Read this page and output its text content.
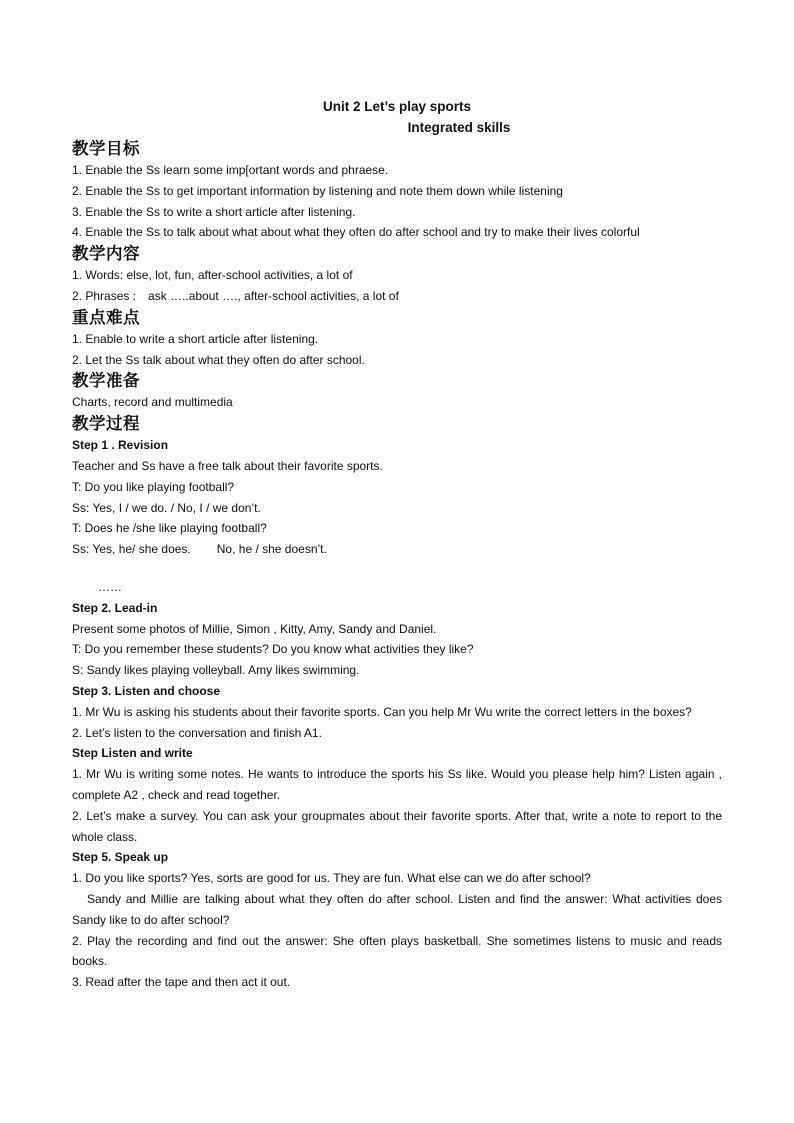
Unit 2 Let’s play sports
Integrated skills
教学目标
1. Enable the Ss learn some imp[ortant words and phraese.
2. Enable the Ss to get important information by listening and note them down while listening
3. Enable the Ss to write a short article after listening.
4. Enable the Ss to talk about what about what they often do after school and try to make their lives colorful
教学内容
1. Words: else, lot, fun, after-school activities, a lot of
2. Phrases : ask …..about …., after-school activities, a lot of
重点难点
1. Enable to write a short article after listening.
2. Let the Ss talk about what they often do after school.
教学准备
Charts, record and multimedia
教学过程
Step 1 . Revision
Teacher and Ss have a free talk about their favorite sports.
T: Do you like playing football?
Ss: Yes, I / we do. / No, I / we don’t.
T: Does he /she like playing football?
Ss: Yes, he/ she does. No, he / she doesn’t.
……
Step 2. Lead-in
Present some photos of Millie, Simon , Kitty, Amy, Sandy and Daniel.
T: Do you remember these students? Do you know what activities they like?
S: Sandy likes playing volleyball. Amy likes swimming.
Step 3. Listen and choose
1. Mr Wu is asking his students about their favorite sports. Can you help Mr Wu write the correct letters in the boxes?
2. Let’s listen to the conversation and finish A1.
Step Listen and write
1. Mr Wu is writing some notes. He wants to introduce the sports his Ss like. Would you please help him? Listen again , complete A2 , check and read together.
2. Let’s make a survey. You can ask your groupmates about their favorite sports. After that, write a note to report to the whole class.
Step 5. Speak up
1. Do you like sports? Yes, sorts are good for us. They are fun. What else can we do after school?
Sandy and Millie are talking about what they often do after school. Listen and find the answer: What activities does Sandy like to do after school?
2. Play the recording and find out the answer: She often plays basketball. She sometimes listens to music and reads books.
3. Read after the tape and then act it out.
